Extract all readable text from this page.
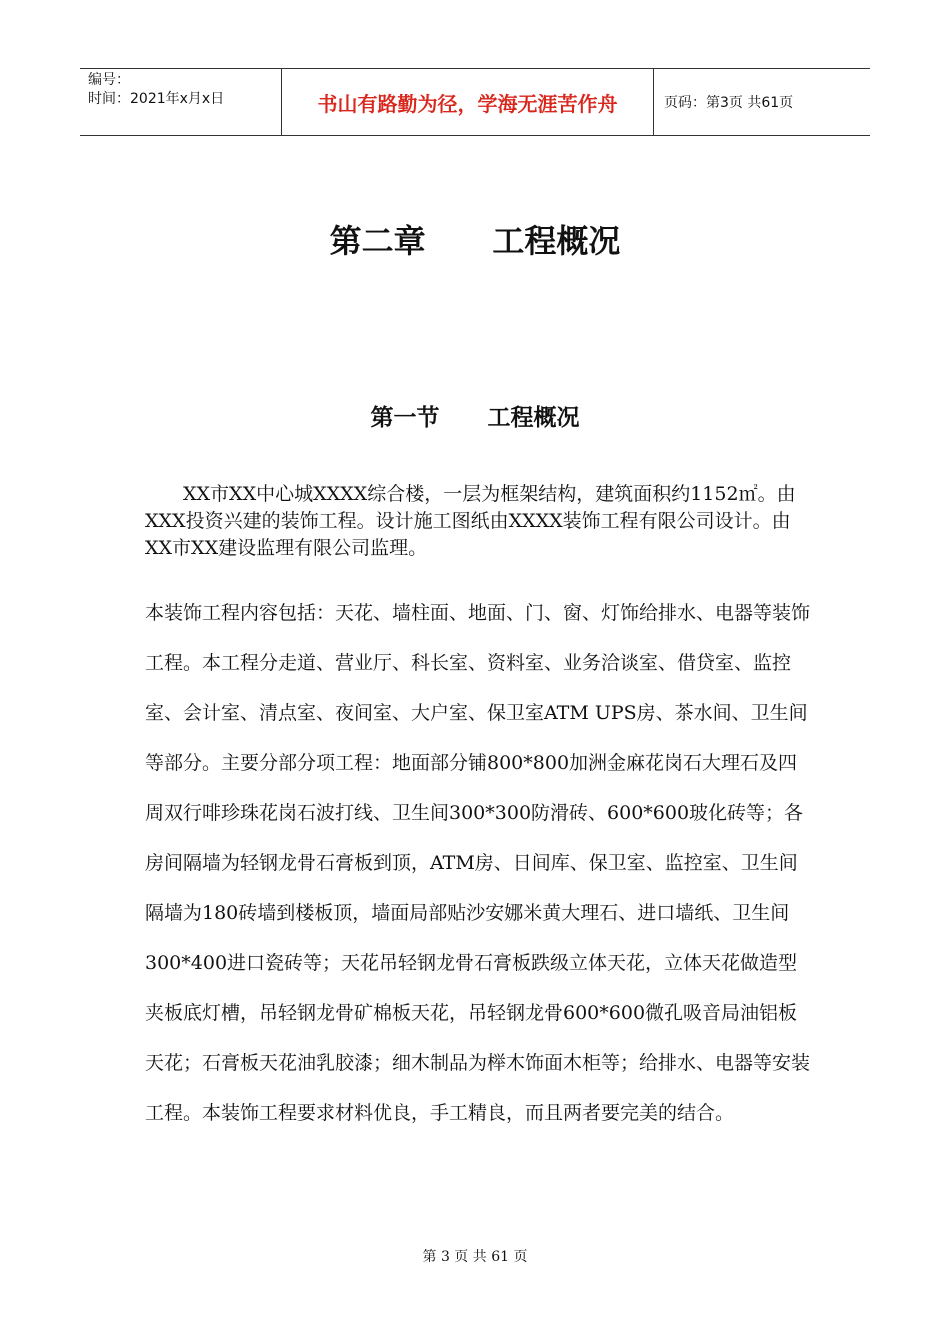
编号：
时间：2021年x月x日	书山有路勤为径，学海无涯苦作舟	页码：第3页 共61页
第二章      工程概况
第一节      工程概况
XX市XX中心城XXXX综合楼，一层为框架结构，建筑面积约1152㎡。由XXX投资兴建的装饰工程。设计施工图纸由XXXX装饰工程有限公司设计。由XX市XX建设监理有限公司监理。
本装饰工程内容包括：天花、墙柱面、地面、门、窗、灯饰给排水、电器等装饰工程。本工程分走道、营业厅、科长室、资料室、业务洽谈室、借贷室、监控室、会计室、清点室、夜间室、大户室、保卫室ATM UPS房、茶水间、卫生间等部分。主要分部分项工程：地面部分铺800*800加洲金麻花岗石大理石及四周双行啡珍珠花岗石波打线、卫生间300*300防滑砖、600*600玻化砖等；各房间隔墙为轻钢龙骨石膏板到顶，ATM房、日间库、保卫室、监控室、卫生间隔墙为180砖墙到楼板顶，墙面局部贴沙安娜米黄大理石、进口墙纸、卫生间300*400进口瓷砖等；天花吊轻钢龙骨石膏板跌级立体天花，立体天花做造型夹板底灯槽，吊轻钢龙骨矿棉板天花，吊轻钢龙骨600*600微孔吸音局油铝板天花；石膏板天花油乳胶漆；细木制品为榉木饰面木柜等；给排水、电器等安装工程。本装饰工程要求材料优良，手工精良，而且两者要完美的结合。
第 3 页 共 61 页
